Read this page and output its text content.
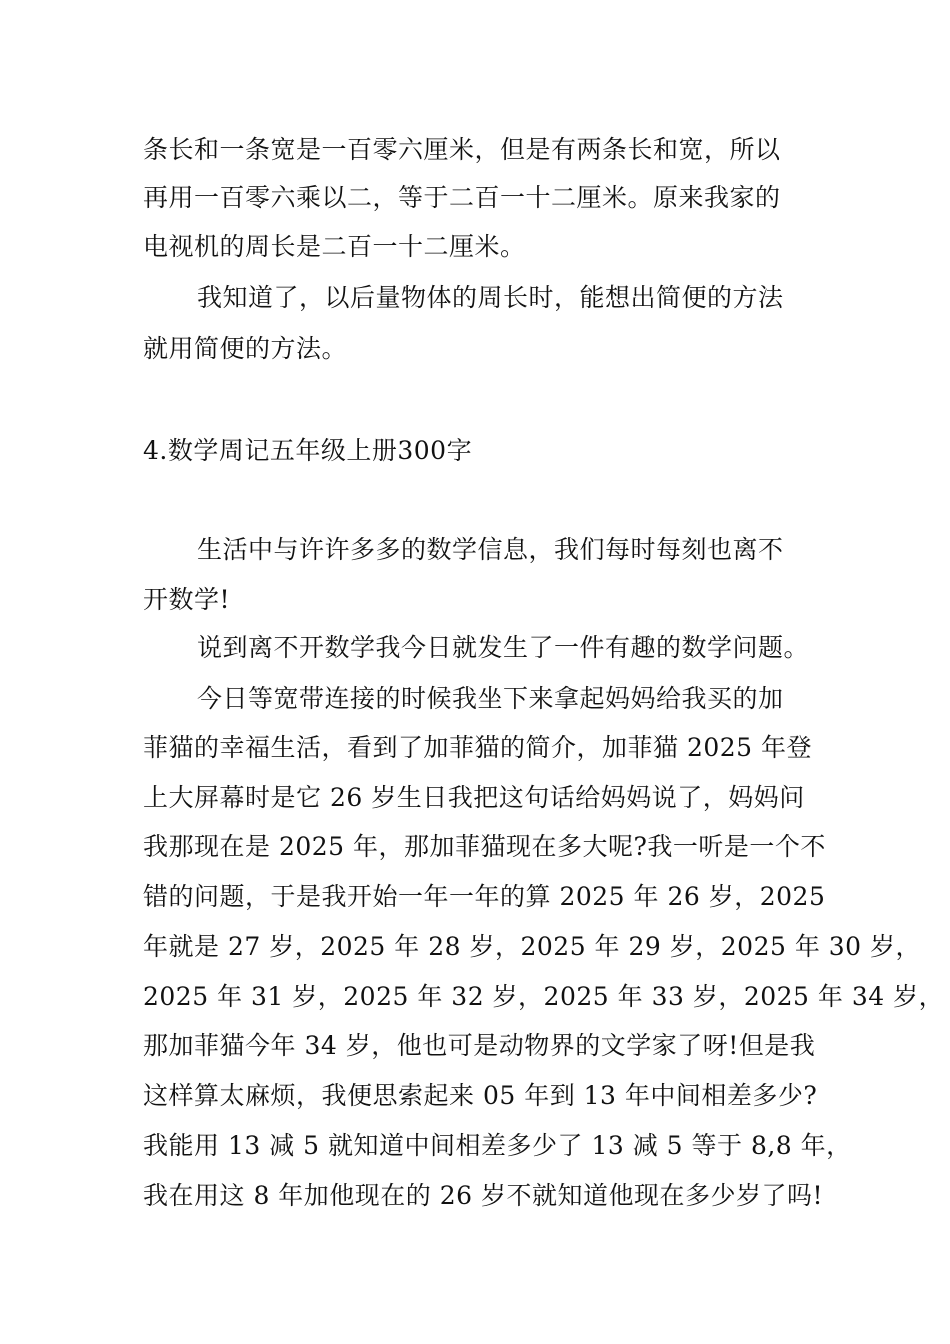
条长和一条宽是一百零六厘米，但是有两条长和宽，所以
再用一百零六乘以二，等于二百一十二厘米。原来我家的
电视机的周长是二百一十二厘米。
我知道了，以后量物体的周长时，能想出简便的方法
就用简便的方法。
4.数学周记五年级上册300字
生活中与许许多多的数学信息，我们每时每刻也离不
开数学!
说到离不开数学我今日就发生了一件有趣的数学问题。
今日等宽带连接的时候我坐下来拿起妈妈给我买的加
菲猫的幸福生活，看到了加菲猫的简介，加菲猫 2025 年登
上大屏幕时是它 26 岁生日我把这句话给妈妈说了，妈妈问
我那现在是 2025 年，那加菲猫现在多大呢?我一听是一个不
错的问题，于是我开始一年一年的算 2025 年 26 岁，2025
年就是 27 岁，2025 年 28 岁，2025 年 29 岁，2025 年 30 岁，
2025 年 31 岁，2025 年 32 岁，2025 年 33 岁，2025 年 34 岁，
那加菲猫今年 34 岁，他也可是动物界的文学家了呀!但是我
这样算太麻烦，我便思索起来 05 年到 13 年中间相差多少?
我能用 13 减 5 就知道中间相差多少了 13 减 5 等于 8,8 年，
我在用这 8 年加他现在的 26 岁不就知道他现在多少岁了吗!
